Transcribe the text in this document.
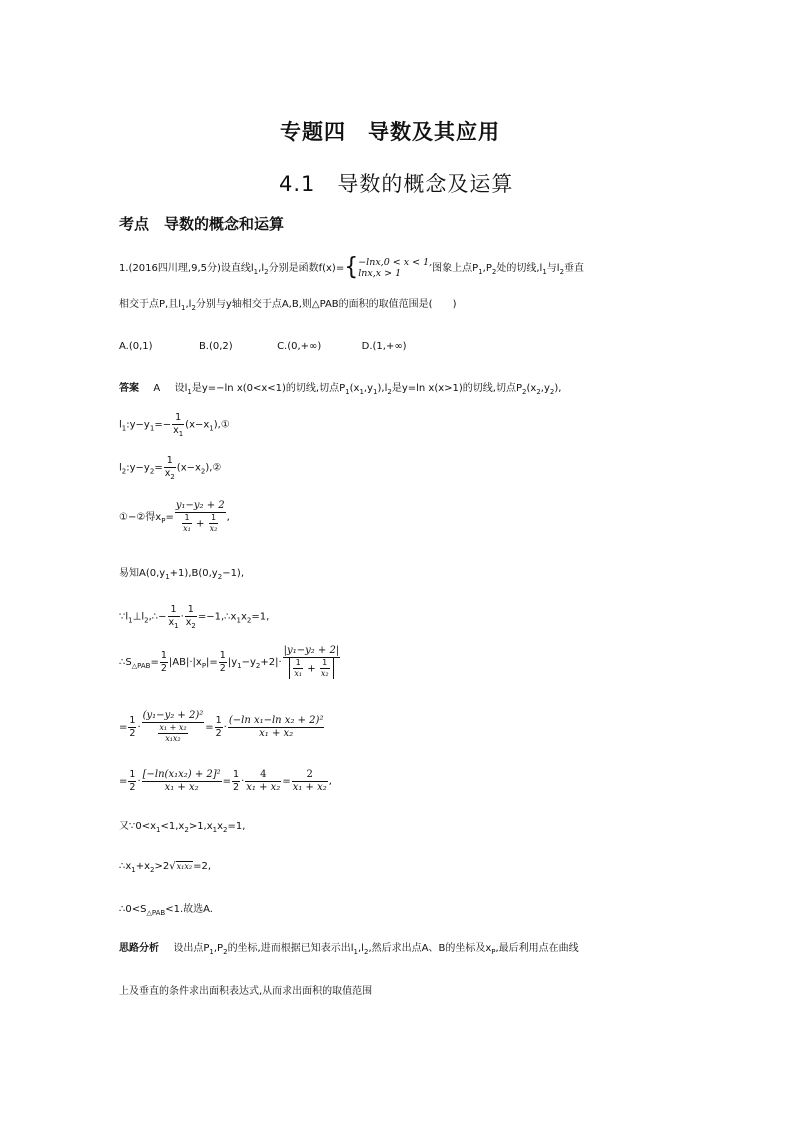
专题四　导数及其应用
4.1　导数的概念及运算
考点　导数的概念和运算
1.(2016四川理,9,5分)设直线$l_1,l_2$分别是函数f(x)={ −lnx,0 < x < 1,
lnx,x > 1	图象上点$P_1,P_2$处的切线$,l_1$与$l_2$垂直
相交于点P,且$l_1,l_2$分别与y轴相交于点A,B,则△PAB的面积的取值范围是(　　)
A.(0,1)	B.(0,2)	C.(0,+∞)	D.(1,+∞)
答案 A 设$l_1$是y=−ln x(0<x<1)的切线,切点$P_1(x_1,y_1),l_2$是y=ln x(x>1)的切线,切点$P_2(x_2,y_2)$,
$l_1:y-y_1=- \frac{1}{x_1}$ $(x-x_1),①$
$l_2:y-y_2= \frac{1}{x_2}$ $(x-x_2),②$
①−②得$x_P= \frac{\text{y₁−y₂ + 2}}{\frac{1}{\text{x₁}} + \frac{1}{\text{x₂}}}$ ,
易知$A(0,y_1+1),B(0,y_2-1)$,
$\because l_1\perp l_2,\therefore- \frac{1}{x_1} \cdot \frac{1}{x_2}$ $=-1,\therefore x_1x_2=1$,
$\therefore S_{\triangle PAB}= \frac{1}{2} |AB|\cdot|x_P|= \frac{1}{2} |y_1-y_2+2|\cdot \frac{\text{|y₁−y₂ + 2|}}{\frac{1}{\text{x₁}} + \frac{1}{\text{x₂}}}$
= $\frac{1}{2} \cdot \frac{\text{(y₁−y₂ + 2)²}}{\frac{\text{x₁ + x₂}}{\text{x₁x₂}}} = \frac{1}{2} \cdot \frac{\text{(−ln x₁−ln x₂ + 2)²}}{\text{x₁ + x₂}}$
= $\frac{1}{2} \cdot \frac{\text{[−ln(x₁x₂) + 2]²}}{\text{x₁ + x₂}} = \frac{1}{2} \cdot \frac{4}{\text{x₁ + x₂}} = \frac{2}{\text{x₁ + x₂}}$ ,
又$\because 0<x_1<1,x_2>1,x_1x_2=1$,
$\therefore x_1+x_2>2√x_1x_2=2$,
$\therefore 0<S_{\triangle PAB}<1$.故选A.
思路分析 设出点$P_1,P_2$的坐标,进而根据已知表示出$l_1,l_2$,然后求出点A、B的坐标及$x_P$,最后利用点在曲线
上及垂直的条件求出面积表达式,从而求出面积的取值范围
